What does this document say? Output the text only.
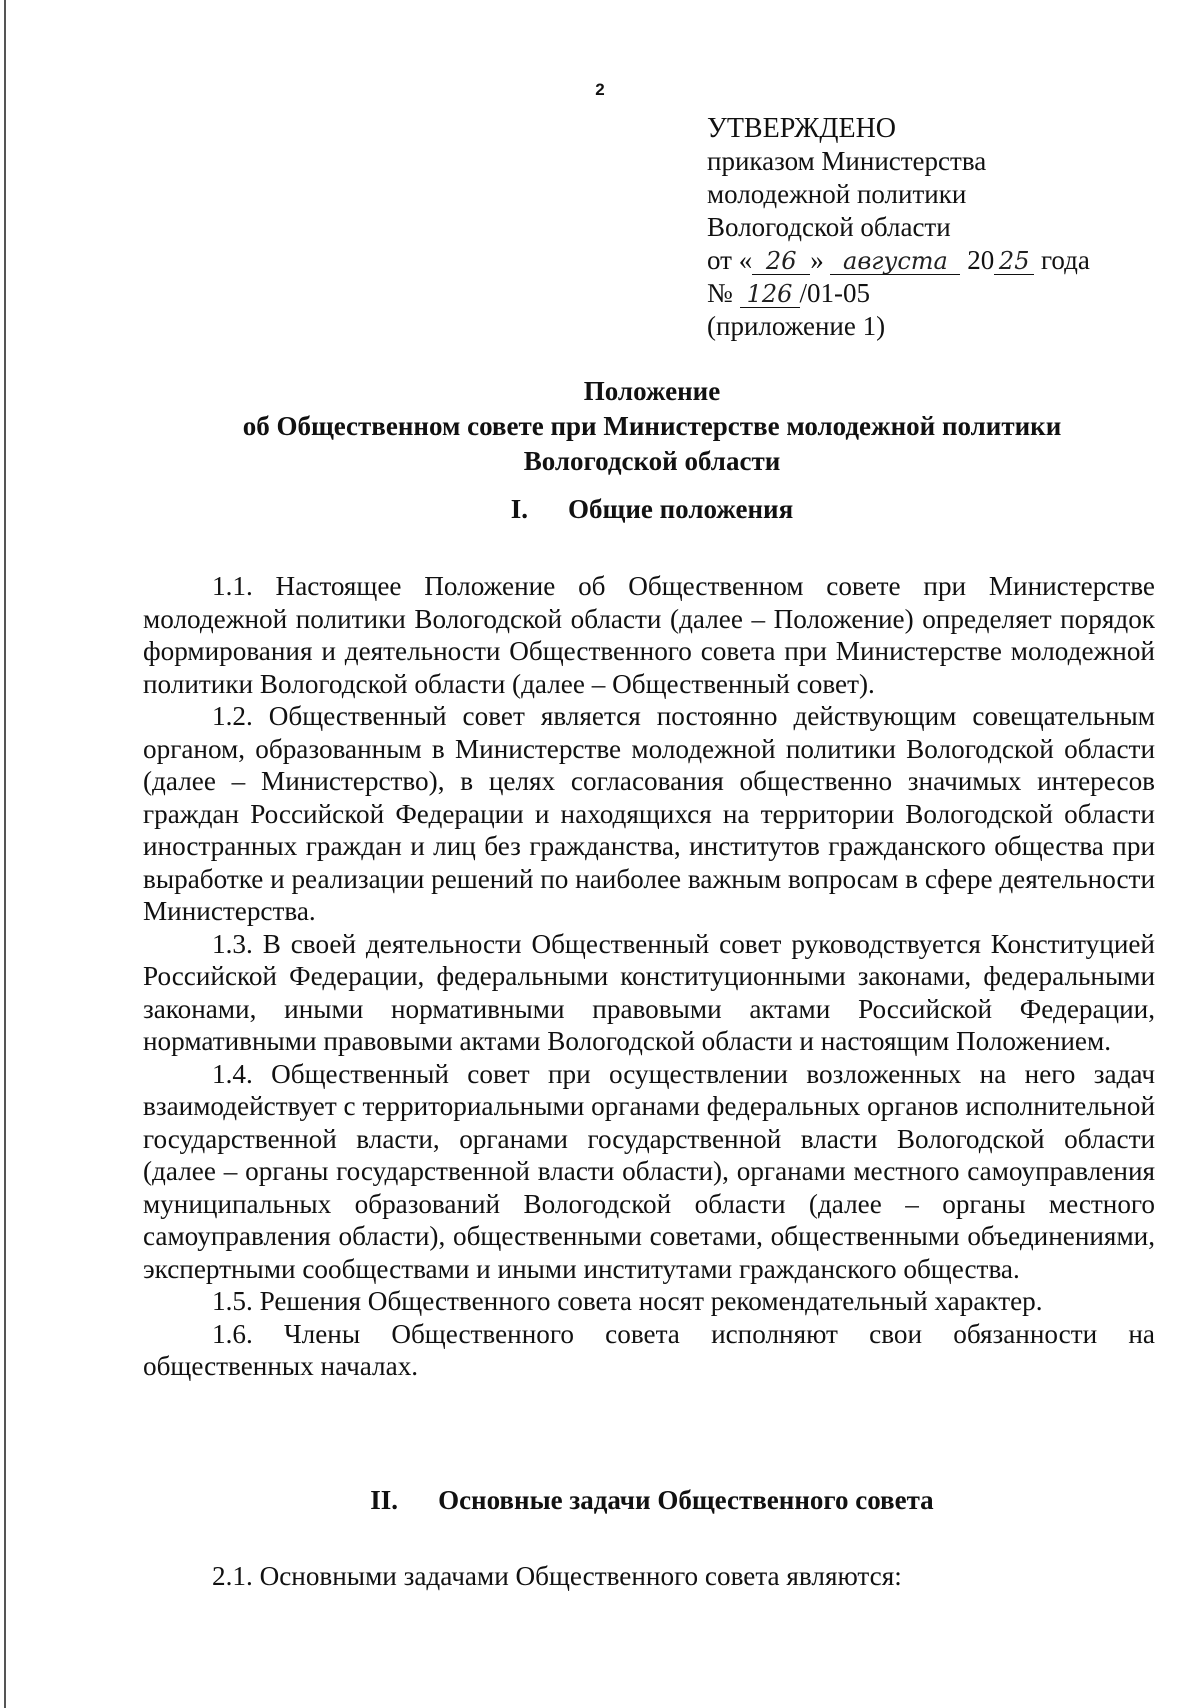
2
УТВЕРЖДЕНО
приказом Министерства
молодежной политики
Вологодской области
от « 26 » августа 20 25 года
№ 126 /01-05
(приложение 1)
Положение
об Общественном совете при Министерстве молодежной политики
Вологодской области
I. Общие положения

1.1. Настоящее Положение об Общественном совете при Министерстве молодежной политики Вологодской области (далее – Положение) определяет порядок формирования и деятельности Общественного совета при Министерстве молодежной политики Вологодской области (далее – Общественный совет).

1.2. Общественный совет является постоянно действующим совещательным органом, образованным в Министерстве молодежной политики Вологодской области (далее – Министерство), в целях согласования общественно значимых интересов граждан Российской Федерации и находящихся на территории Вологодской области иностранных граждан и лиц без гражданства, институтов гражданского общества при выработке и реализации решений по наиболее важным вопросам в сфере деятельности Министерства.

1.3. В своей деятельности Общественный совет руководствуется Конституцией Российской Федерации, федеральными конституционными законами, федеральными законами, иными нормативными правовыми актами Российской Федерации, нормативными правовыми актами Вологодской области и настоящим Положением.

1.4. Общественный совет при осуществлении возложенных на него задач взаимодействует с территориальными органами федеральных органов исполнительной государственной власти, органами государственной власти Вологодской области (далее – органы государственной власти области), органами местного самоуправления муниципальных образований Вологодской области (далее – органы местного самоуправления области), общественными советами, общественными объединениями, экспертными сообществами и иными институтами гражданского общества.

1.5. Решения Общественного совета носят рекомендательный характер.

1.6. Члены Общественного совета исполняют свои обязанности на общественных началах.

II. Основные задачи Общественного совета
2.1. Основными задачами Общественного совета являются:
